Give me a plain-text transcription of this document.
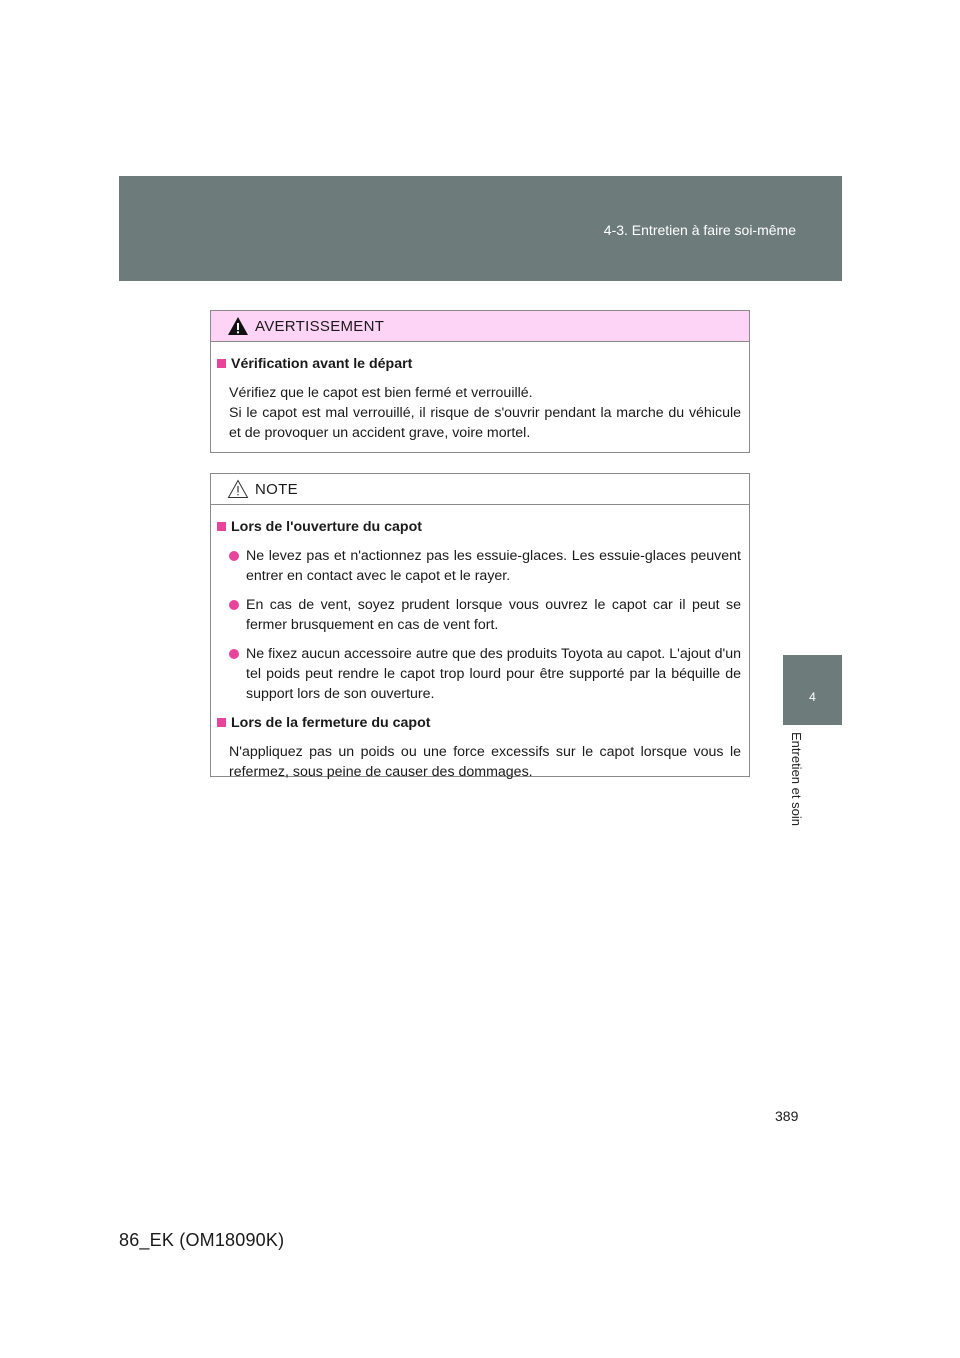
4-3. Entretien à faire soi-même
4
Entretien et soin
AVERTISSEMENT
Vérification avant le départ
Vérifiez que le capot est bien fermé et verrouillé.
Si le capot est mal verrouillé, il risque de s'ouvrir pendant la marche du véhicule et de provoquer un accident grave, voire mortel.
NOTE
Lors de l'ouverture du capot
Ne levez pas et n'actionnez pas les essuie-glaces. Les essuie-glaces peuvent entrer en contact avec le capot et le rayer.
En cas de vent, soyez prudent lorsque vous ouvrez le capot car il peut se fermer brusquement en cas de vent fort.
Ne fixez aucun accessoire autre que des produits Toyota au capot. L'ajout d'un tel poids peut rendre le capot trop lourd pour être supporté par la béquille de support lors de son ouverture.
Lors de la fermeture du capot
N'appliquez pas un poids ou une force excessifs sur le capot lorsque vous le refermez, sous peine de causer des dommages.
389
86_EK (OM18090K)
